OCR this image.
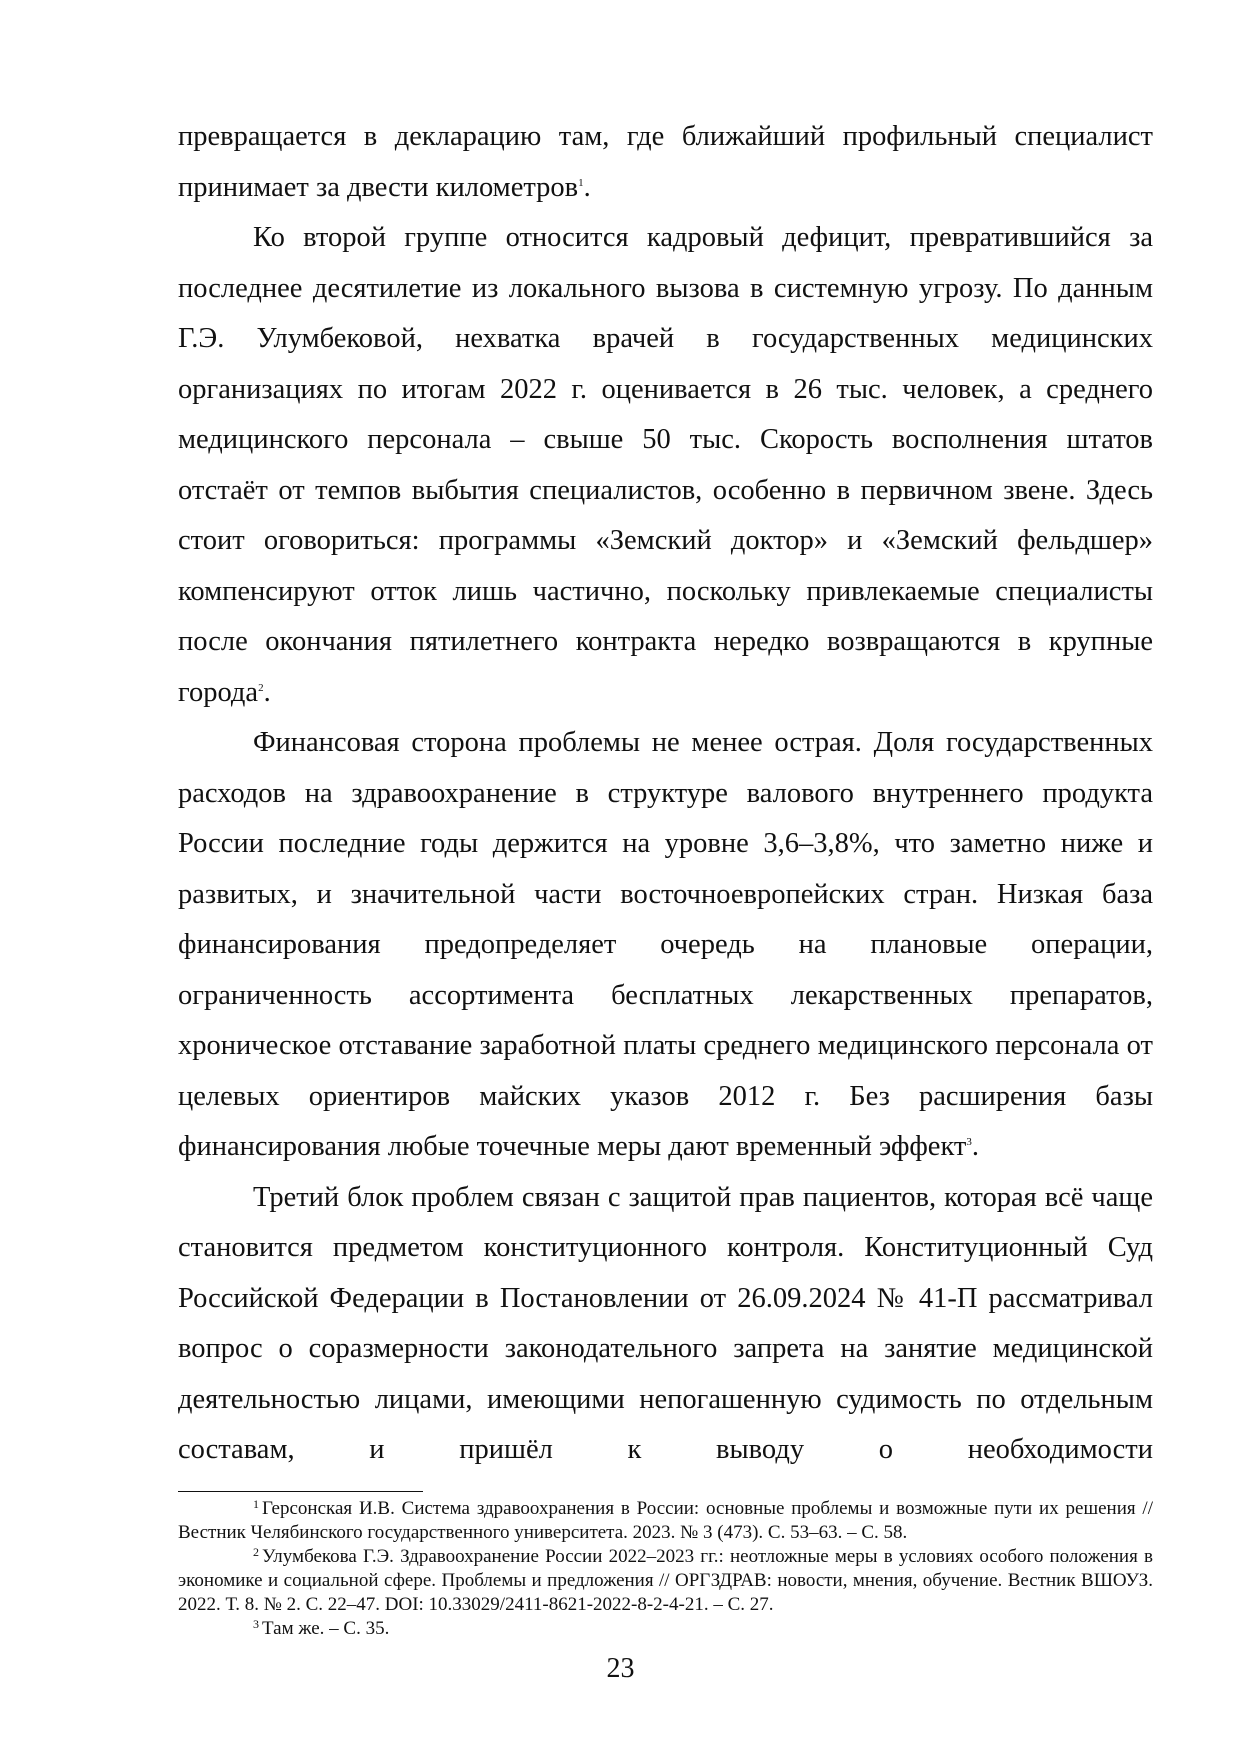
превращается в декларацию там, где ближайший профильный специалист принимает за двести километров$^1$.

Ко второй группе относится кадровый дефицит, превратившийся за последнее десятилетие из локального вызова в системную угрозу. По данным Г.Э. Улумбековой, нехватка врачей в государственных медицинских организациях по итогам 2022 г. оценивается в 26 тыс. человек, а среднего медицинского персонала – свыше 50 тыс. Скорость восполнения штатов отстаёт от темпов выбытия специалистов, особенно в первичном звене. Здесь стоит оговориться: программы «Земский доктор» и «Земский фельдшер» компенсируют отток лишь частично, поскольку привлекаемые специалисты после окончания пятилетнего контракта нередко возвращаются в крупные города$^2$.

Финансовая сторона проблемы не менее острая. Доля государственных расходов на здравоохранение в структуре валового внутреннего продукта России последние годы держится на уровне 3,6–3,8%, что заметно ниже и развитых, и значительной части восточноевропейских стран. Низкая база финансирования предопределяет очередь на плановые операции, ограниченность ассортимента бесплатных лекарственных препаратов, хроническое отставание заработной платы среднего медицинского персонала от целевых ориентиров майских указов 2012 г. Без расширения базы финансирования любые точечные меры дают временный эффект$^3$.

Третий блок проблем связан с защитой прав пациентов, которая всё чаще становится предметом конституционного контроля. Конституционный Суд Российской Федерации в Постановлении от 26.09.2024 № 41-П рассматривал вопрос о соразмерности законодательного запрета на занятие медицинской деятельностью лицами, имеющими непогашенную судимость по отдельным составам, и пришёл к выводу о необходимости

$^1$ Герсонская И.В. Система здравоохранения в России: основные проблемы и возможные пути их решения // Вестник Челябинского государственного университета. 2023. № 3 (473). С. 53–63. – С. 58.

$^2$ Улумбекова Г.Э. Здравоохранение России 2022–2023 гг.: неотложные меры в условиях особого положения в экономике и социальной сфере. Проблемы и предложения // ОРГЗДРАВ: новости, мнения, обучение. Вестник ВШОУЗ. 2022. Т. 8. № 2. С. 22–47. DOI: 10.33029/2411-8621-2022-8-2-4-21. – С. 27.

$^3$ Там же. – С. 35.

23
